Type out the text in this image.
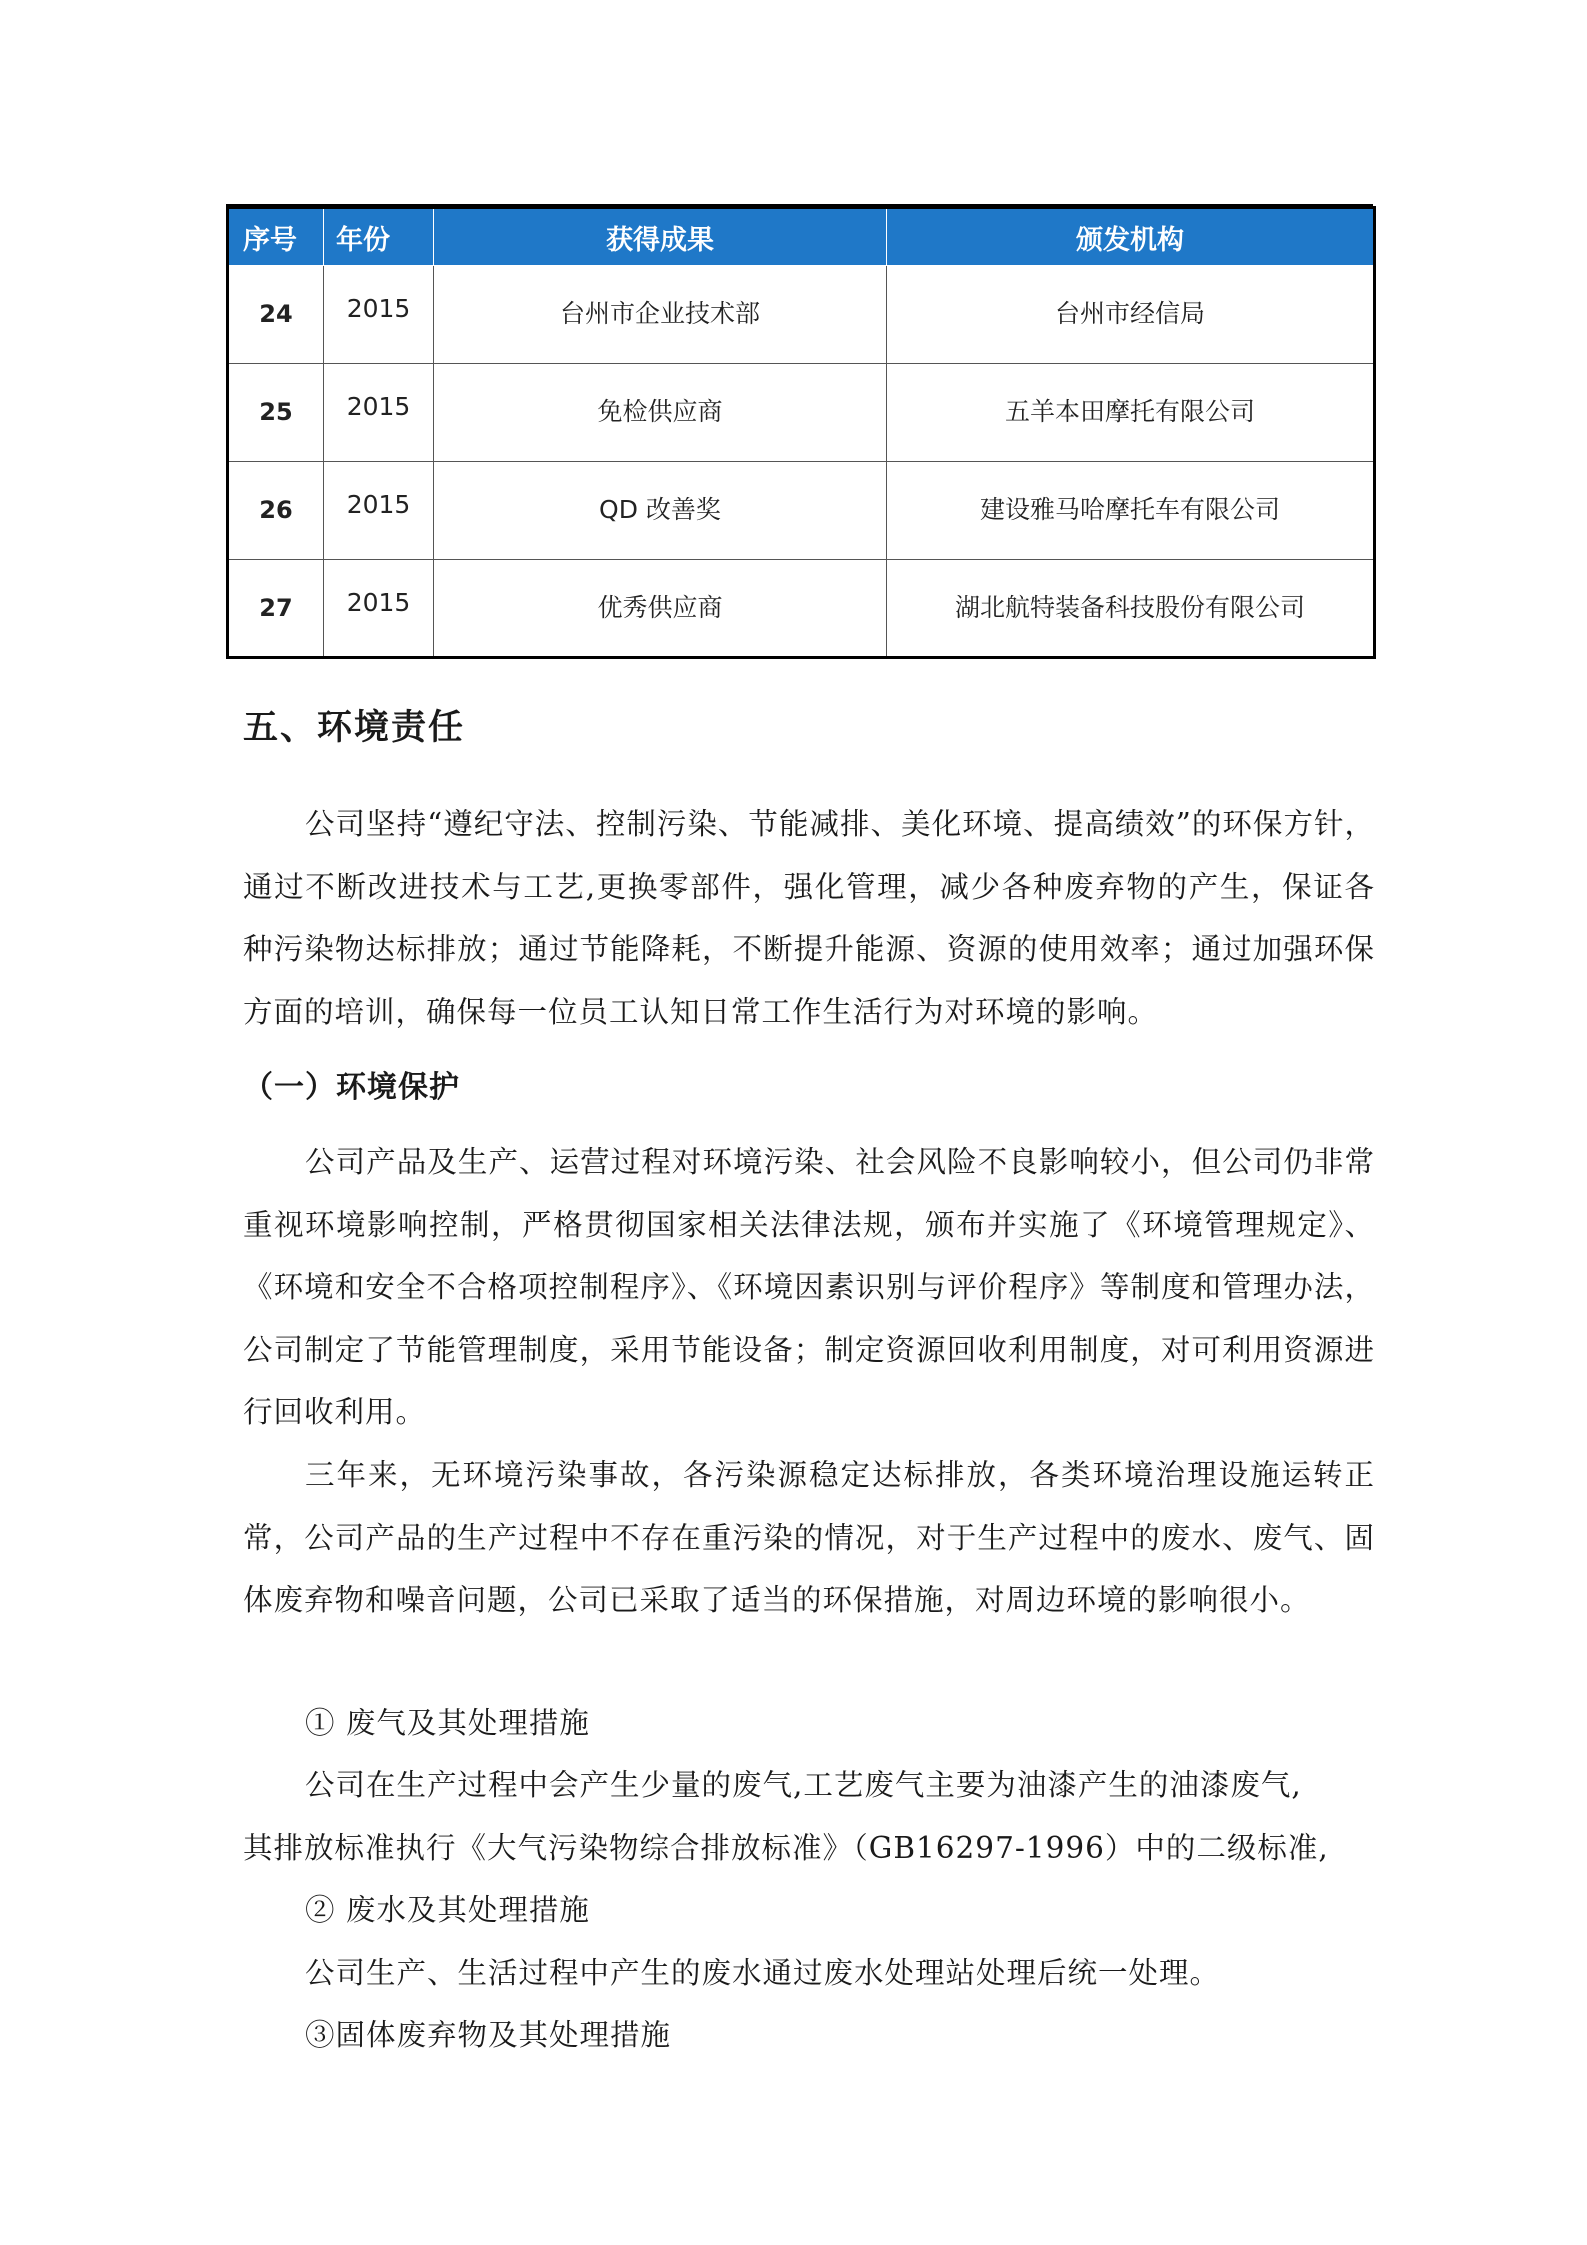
序号	年份	获得成果	颁发机构
24	2015	台州市企业技术部	台州市经信局
25	2015	免检供应商	五羊本田摩托有限公司
26	2015	QD 改善奖	建设雅马哈摩托车有限公司
27	2015	优秀供应商	湖北航特装备科技股份有限公司
五、环境责任

公司坚持“遵纪守法、控制污染、节能减排、美化环境、提高绩效”的环保方针，通过不断改进技术与工艺,更换零部件，强化管理，减少各种废弃物的产生，保证各种污染物达标排放；通过节能降耗，不断提升能源、资源的使用效率；通过加强环保方面的培训，确保每一位员工认知日常工作生活行为对环境的影响。

（一）环境保护

公司产品及生产、运营过程对环境污染、社会风险不良影响较小，但公司仍非常重视环境影响控制，严格贯彻国家相关法律法规，颁布并实施了《环境管理规定》、《环境和安全不合格项控制程序》、《环境因素识别与评价程序》等制度和管理办法，公司制定了节能管理制度，采用节能设备；制定资源回收利用制度，对可利用资源进行回收利用。

三年来，无环境污染事故，各污染源稳定达标排放，各类环境治理设施运转正常，公司产品的生产过程中不存在重污染的情况，对于生产过程中的废水、废气、固体废弃物和噪音问题，公司已采取了适当的环保措施，对周边环境的影响很小。

① 废气及其处理措施

公司在生产过程中会产生少量的废气,工艺废气主要为油漆产生的油漆废气,

其排放标准执行《大气污染物综合排放标准》（GB16297-1996）中的二级标准,

② 废水及其处理措施

公司生产、生活过程中产生的废水通过废水处理站处理后统一处理。

③固体废弃物及其处理措施
